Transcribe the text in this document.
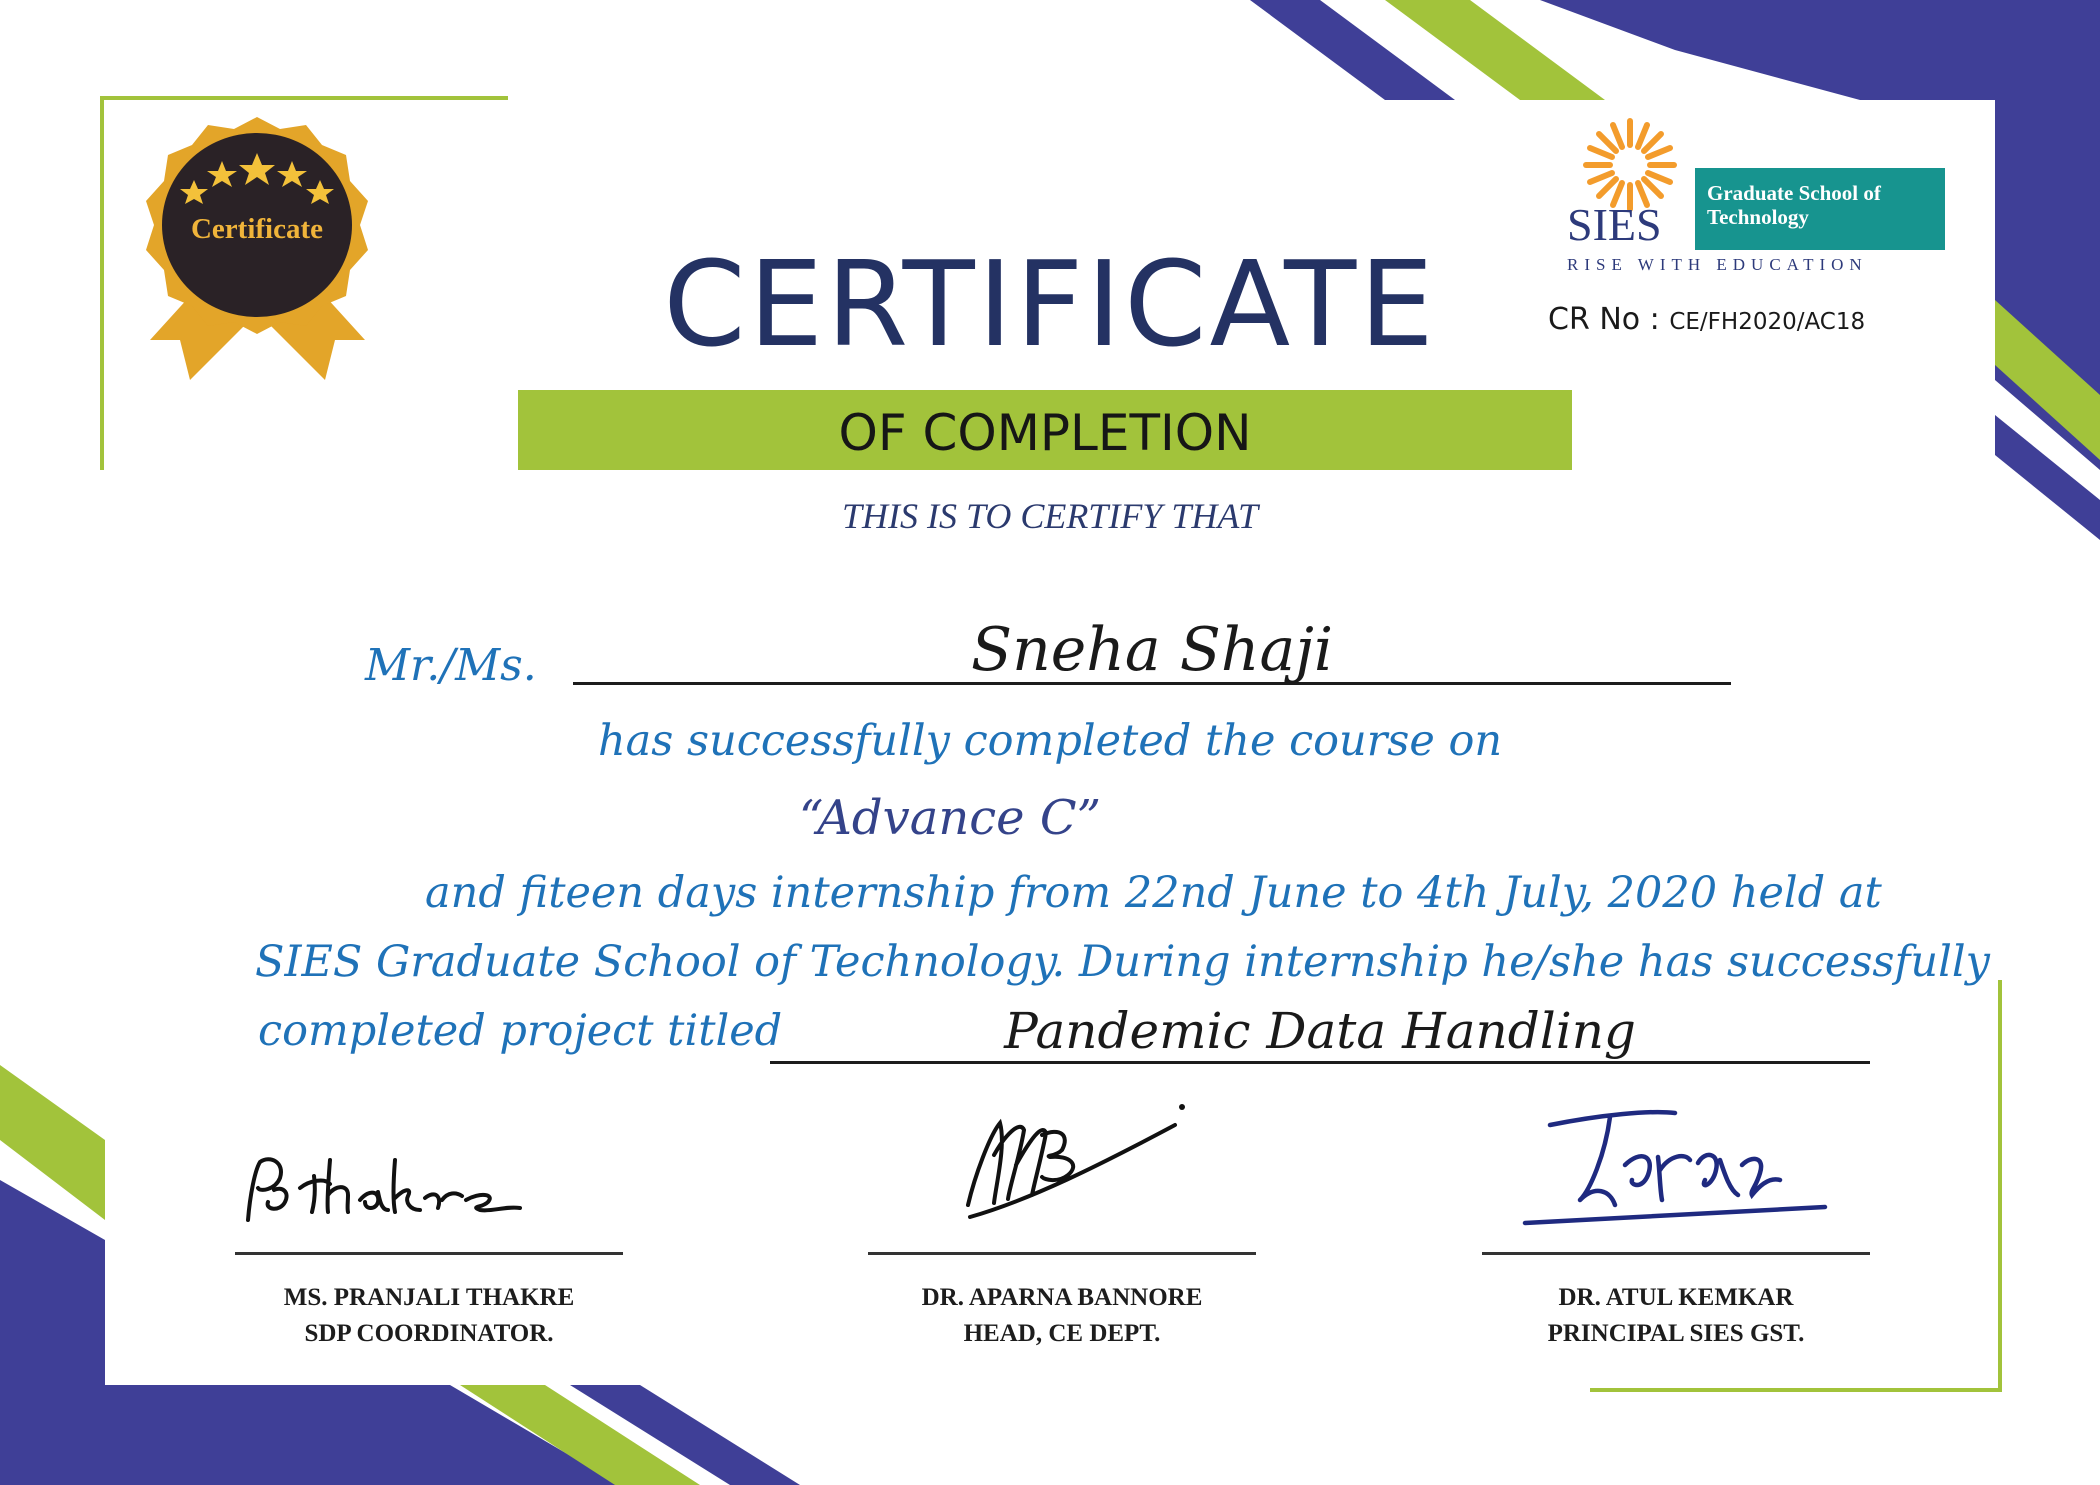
Certificate	SIES
Graduate School of Technology
RISE WITH EDUCATION
CR No : CE/FH2020/AC18
CERTIFICATE
OF COMPLETION
THIS IS TO CERTIFY THAT
Mr./Ms.	Sneha Shaji
has successfully completed the course on
“Advance C”
and fiteen days internship from 22nd June to 4th July, 2020 held at
SIES Graduate School of Technology. During internship he/she has successfully
completed project titled	Pandemic Data Handling
MS. PRANJALI THAKRE
SDP COORDINATOR.
DR. APARNA BANNORE
HEAD, CE DEPT.
DR. ATUL KEMKAR
PRINCIPAL SIES GST.
